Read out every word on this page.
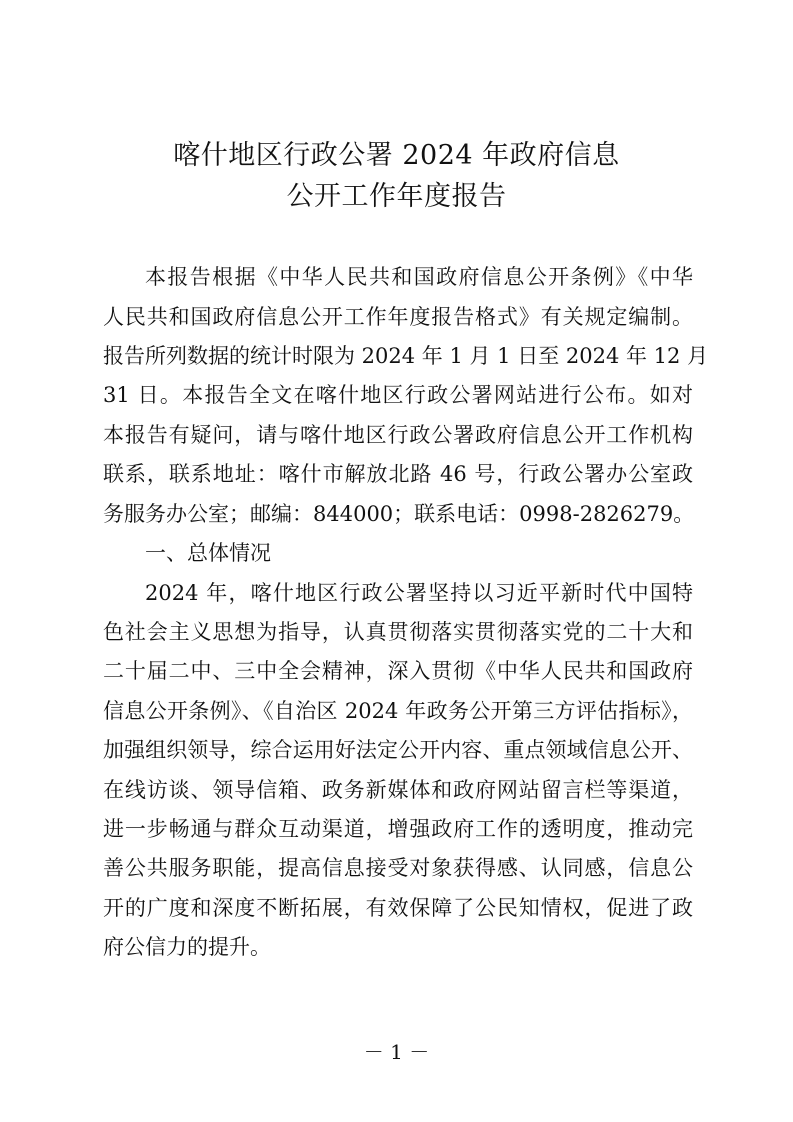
喀什地区行政公署 2024 年政府信息
公开工作年度报告
本报告根据《中华人民共和国政府信息公开条例》《中华
人民共和国政府信息公开工作年度报告格式》有关规定编制。
报告所列数据的统计时限为 2024 年 1 月 1 日至 2024 年 12 月
31 日。本报告全文在喀什地区行政公署网站进行公布。如对
本报告有疑问，请与喀什地区行政公署政府信息公开工作机构
联系，联系地址：喀什市解放北路 46 号，行政公署办公室政
务服务办公室；邮编：844000；联系电话：0998-2826279。
一、总体情况
2024 年，喀什地区行政公署坚持以习近平新时代中国特
色社会主义思想为指导，认真贯彻落实贯彻落实党的二十大和
二十届二中、三中全会精神，深入贯彻《中华人民共和国政府
信息公开条例》、《自治区 2024 年政务公开第三方评估指标》，
加强组织领导，综合运用好法定公开内容、重点领域信息公开、
在线访谈、领导信箱、政务新媒体和政府网站留言栏等渠道，
进一步畅通与群众互动渠道，增强政府工作的透明度，推动完
善公共服务职能，提高信息接受对象获得感、认同感，信息公
开的广度和深度不断拓展，有效保障了公民知情权，促进了政
府公信力的提升。
－ 1 －
